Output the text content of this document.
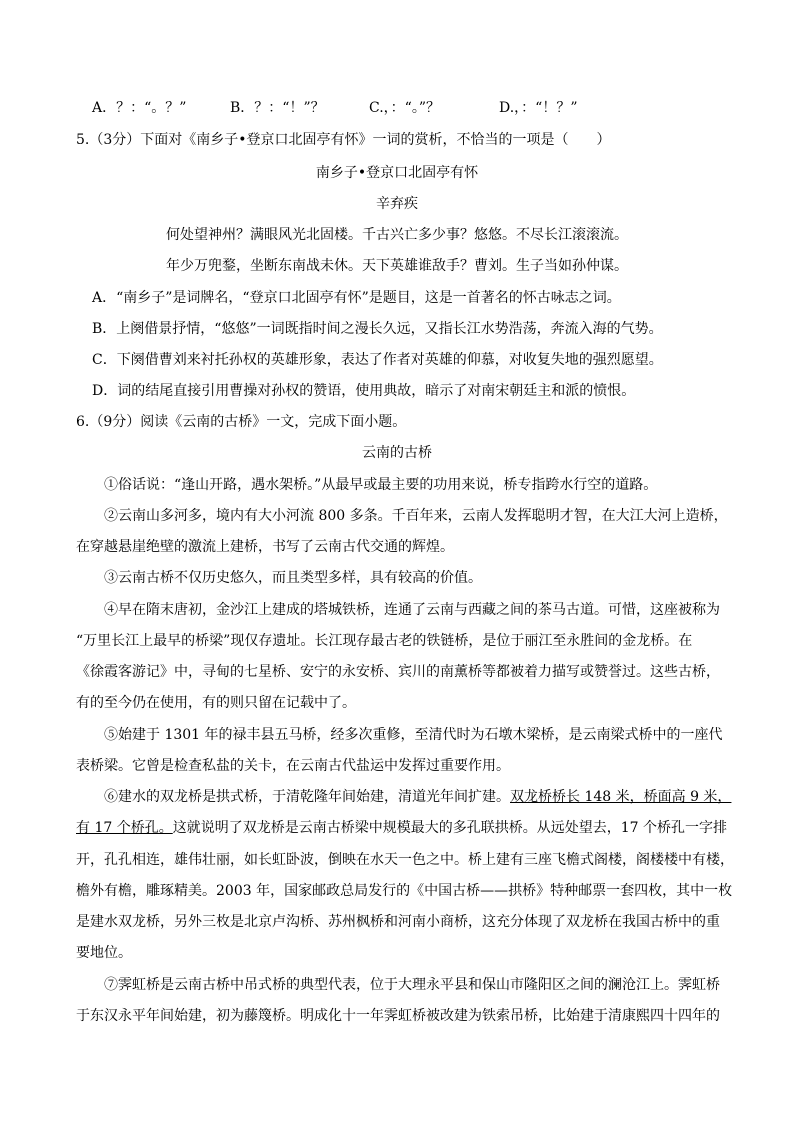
A．？：“。？”	B．？：“！”？	C.，：“。”？	D.，：“！？”
5.（3分）下面对《南乡子•登京口北固亭有怀》一词的赏析，不恰当的一项是（　　）
南乡子•登京口北固亭有怀
辛弃疾
何处望神州？满眼风光北固楼。千古兴亡多少事？悠悠。不尽长江滚滚流。
年少万兜鍪，坐断东南战未休。天下英雄谁敌手？曹刘。生子当如孙仲谋。
A．“南乡子”是词牌名，“登京口北固亭有怀”是题目，这是一首著名的怀古咏志之词。
B．上阕借景抒情，“悠悠”一词既指时间之漫长久远，又指长江水势浩荡，奔流入海的气势。
C．下阕借曹刘来衬托孙权的英雄形象，表达了作者对英雄的仰慕，对收复失地的强烈愿望。
D．词的结尾直接引用曹操对孙权的赞语，使用典故，暗示了对南宋朝廷主和派的愤恨。
6.（9分）阅读《云南的古桥》一文，完成下面小题。
云南的古桥
①俗话说：“逢山开路，遇水架桥。”从最早或最主要的功用来说，桥专指跨水行空的道路。
②云南山多河多，境内有大小河流 800 多条。千百年来，云南人发挥聪明才智，在大江大河上造桥，
在穿越悬崖绝壁的激流上建桥，书写了云南古代交通的辉煌。
③云南古桥不仅历史悠久，而且类型多样，具有较高的价值。
④早在隋末唐初，金沙江上建成的塔城铁桥，连通了云南与西藏之间的茶马古道。可惜，这座被称为
“万里长江上最早的桥梁”现仅存遗址。长江现存最古老的铁链桥，是位于丽江至永胜间的金龙桥。在
《徐霞客游记》中，寻甸的七星桥、安宁的永安桥、宾川的南薰桥等都被着力描写或赞誉过。这些古桥，
有的至今仍在使用，有的则只留在记载中了。
⑤始建于 1301 年的禄丰县五马桥，经多次重修，至清代时为石墩木梁桥，是云南梁式桥中的一座代
表桥梁。它曾是检查私盐的关卡，在云南古代盐运中发挥过重要作用。
⑥建水的双龙桥是拱式桥，于清乾隆年间始建，清道光年间扩建。双龙桥桥长 148 米，桥面高 9 米，
有 17 个桥孔。这就说明了双龙桥是云南古桥梁中规模最大的多孔联拱桥。从远处望去，17 个桥孔一字排
开，孔孔相连，雄伟壮丽，如长虹卧波，倒映在水天一色之中。桥上建有三座飞檐式阁楼，阁楼楼中有楼，
檐外有檐，雕琢精美。2003 年，国家邮政总局发行的《中国古桥——拱桥》特种邮票一套四枚，其中一枚
是建水双龙桥，另外三枚是北京卢沟桥、苏州枫桥和河南小商桥，这充分体现了双龙桥在我国古桥中的重
要地位。
⑦霁虹桥是云南古桥中吊式桥的典型代表，位于大理永平县和保山市隆阳区之间的澜沧江上。霁虹桥
于东汉永平年间始建，初为藤篾桥。明成化十一年霁虹桥被改建为铁索吊桥，比始建于清康熙四十四年的
